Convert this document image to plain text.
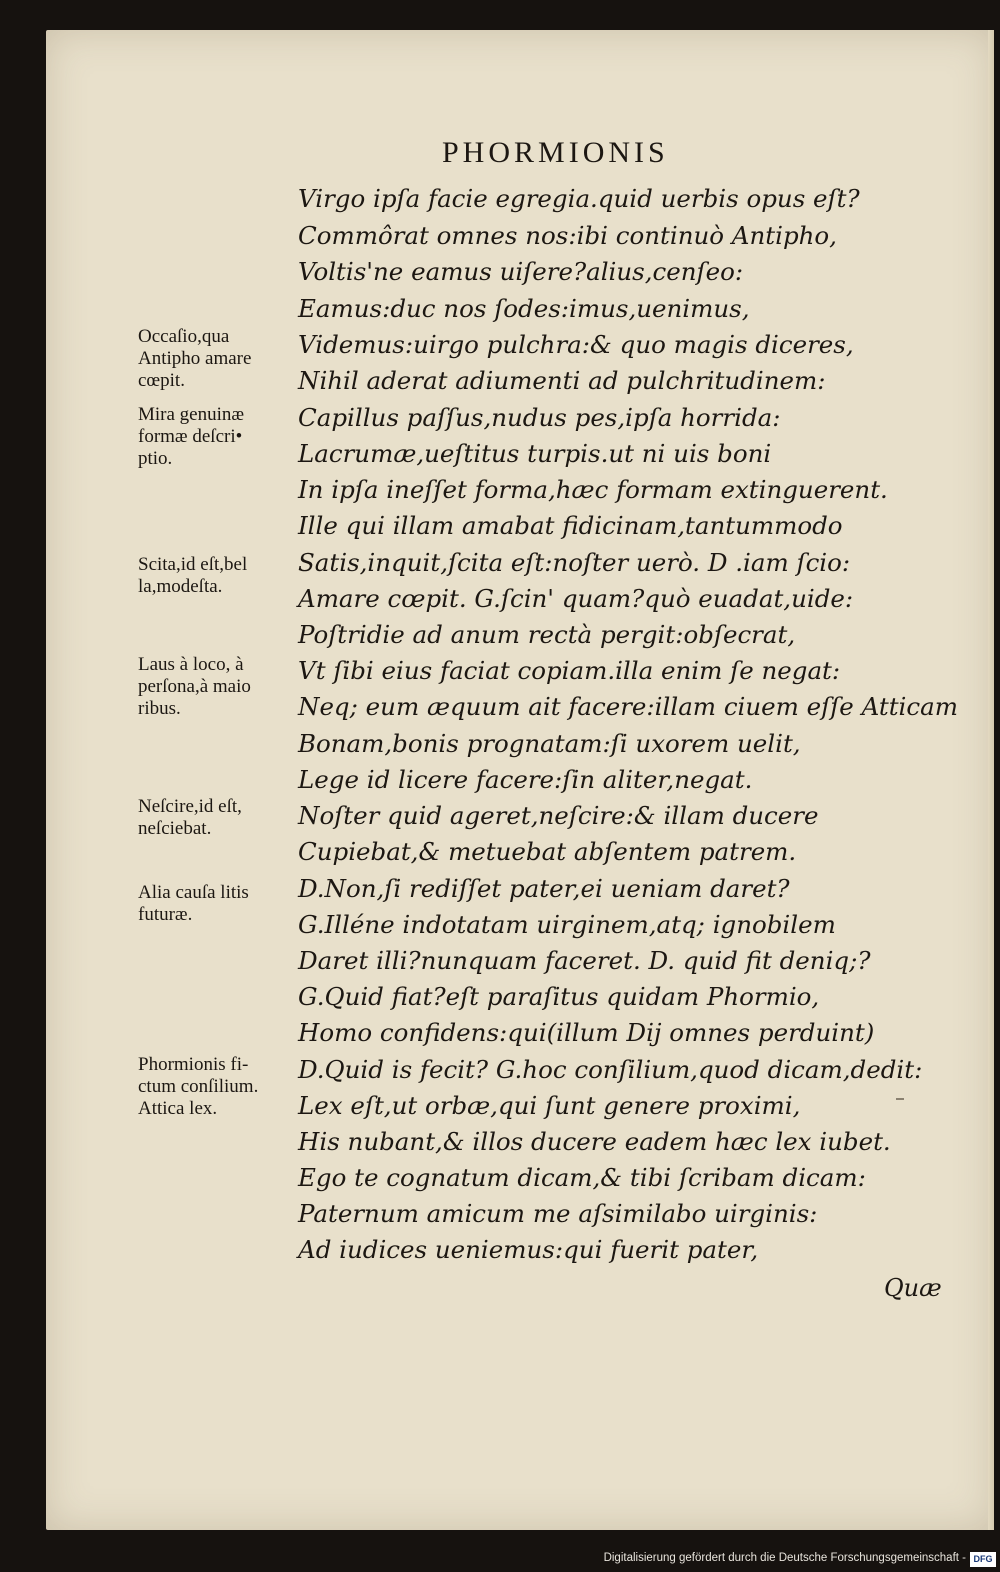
PHORMIONIS
Virgo ipſa facie egregia.quid uerbis opus eſt?
Commôrat omnes nos:ibi continuò Antipho,
Voltis'ne eamus uiſere?alius,cenſeo:
Eamus:duc nos ſodes:imus,uenimus,
Videmus:uirgo pulchra:& quo magis diceres,
Nihil aderat adiumenti ad pulchritudinem:
Capillus paſſus,nudus pes,ipſa horrida:
Lacrumæ,ueſtitus turpis.ut ni uis boni
In ipſa ineſſet forma,hæc formam extinguerent.
Ille qui illam amabat fidicinam,tantummodo
Satis,inquit,ſcita eſt:noſter uerò. D .iam ſcio:
Amare cœpit. G.ſcin' quam?quò euadat,uide:
Poſtridie ad anum rectà pergit:obſecrat,
Vt ſibi eius faciat copiam.illa enim ſe negat:
Neq; eum æquum ait facere:illam ciuem eſſe Atticam
Bonam,bonis prognatam:ſi uxorem uelit,
Lege id licere facere:ſin aliter,negat.
Noſter quid ageret,neſcire:& illam ducere
Cupiebat,& metuebat abſentem patrem.
D.Non,ſi rediſſet pater,ei ueniam daret?
G.Illéne indotatam uirginem,atq; ignobilem
Daret illi?nunquam faceret. D. quid fit deniq;?
G.Quid fiat?eſt paraſitus quidam Phormio,
Homo confidens:qui(illum Dij omnes perduint)
D.Quid is fecit? G.hoc conſilium,quod dicam,dedit:
Lex eſt,ut orbæ,qui ſunt genere proximi,
His nubant,& illos ducere eadem hæc lex iubet.
Ego te cognatum dicam,& tibi ſcribam dicam:
Paternum amicum me aſsimilabo uirginis:
Ad iudices ueniemus:qui fuerit pater,
Occaſio,qua
Antipho amare
cœpit.
Mira genuinæ
formæ deſcri•
ptio.
Scita,id eſt,bel
la,modeſta.
Laus à loco, à
perſona,à maio
ribus.
Neſcire,id eſt,
neſciebat.
Alia cauſa litis
futuræ.
Phormionis fi-
ctum conſilium.
Attica lex.
Quæ
Digitalisierung gefördert durch die Deutsche Forschungsgemeinschaft - DFG
